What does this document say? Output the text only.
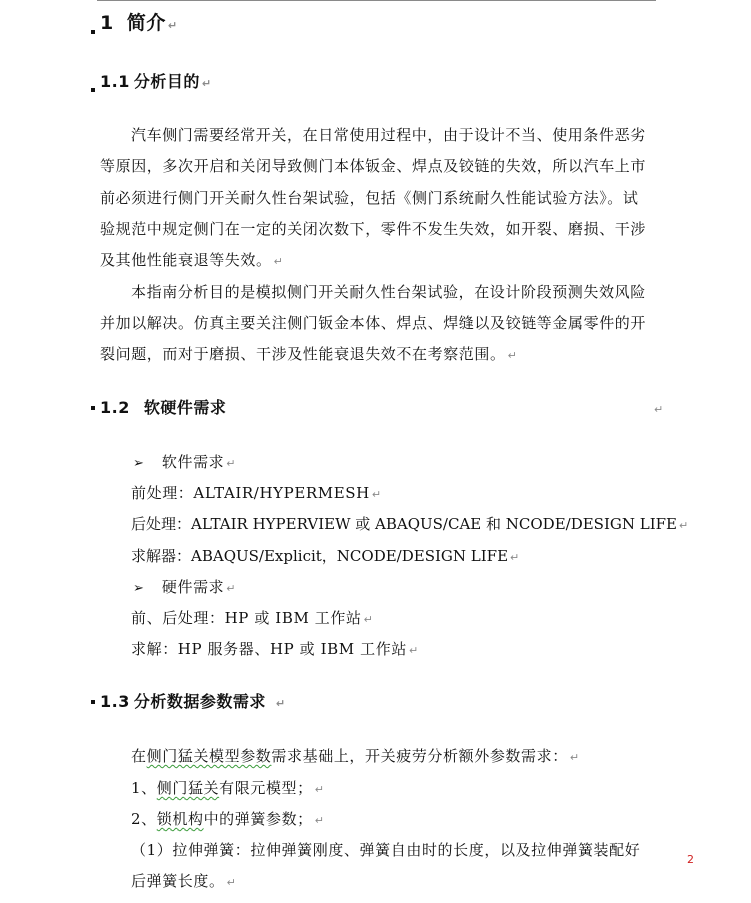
1 简介 ↵
1.1 分析目的 ↵
汽车侧门需要经常开关，在日常使用过程中，由于设计不当、使用条件恶劣
等原因，多次开启和关闭导致侧门本体钣金、焊点及铰链的失效，所以汽车上市
前必须进行侧门开关耐久性台架试验，包括《侧门系统耐久性能试验方法》。试
验规范中规定侧门在一定的关闭次数下，零件不发生失效，如开裂、磨损、干涉
及其他性能衰退等失效。 ↵
本指南分析目的是模拟侧门开关耐久性台架试验，在设计阶段预测失效风险
并加以解决。仿真主要关注侧门钣金本体、焊点、焊缝以及铰链等金属零件的开
裂问题，而对于磨损、干涉及性能衰退失效不在考察范围。 ↵
1.2 软硬件需求	↵
➢ 软件需求 ↵
前处理：ALTAIR/HYPERMESH ↵
后处理：ALTAIR HYPERVIEW 或 ABAQUS/CAE 和 NCODE/DESIGN LIFE ↵
求解器：ABAQUS/Explicit，NCODE/DESIGN LIFE ↵
➢ 硬件需求 ↵
前、后处理：HP 或 IBM 工作站 ↵
求解：HP 服务器、HP 或 IBM 工作站 ↵
1.3 分析数据参数需求 ↵
在侧门猛关模型参数需求基础上，开关疲劳分析额外参数需求： ↵
1、侧门猛关有限元模型； ↵
2、锁机构中的弹簧参数； ↵
（1）拉伸弹簧：拉伸弹簧刚度、弹簧自由时的长度，以及拉伸弹簧装配好
后弹簧长度。 ↵
2
